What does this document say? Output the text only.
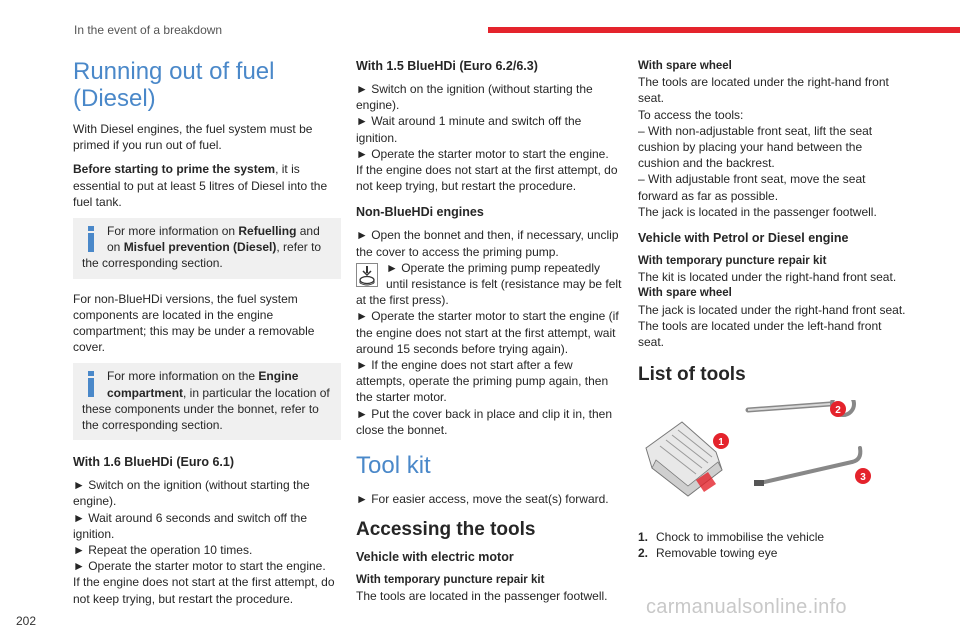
In the event of a breakdown
Running out of fuel (Diesel)

With Diesel engines, the fuel system must be primed if you run out of fuel.

Before starting to prime the system, it is essential to put at least 5 litres of Diesel into the fuel tank.

For more information on Refuelling and on Misfuel prevention (Diesel), refer to the corresponding section.

For non-BlueHDi versions, the fuel system components are located in the engine compartment; this may be under a removable cover.

For more information on the Engine compartment, in particular the location of these components under the bonnet, refer to the corresponding section.
With 1.6 BlueHDi (Euro 6.1)

► Switch on the ignition (without starting the engine).
► Wait around 6 seconds and switch off the ignition.
► Repeat the operation 10 times.
► Operate the starter motor to start the engine.
If the engine does not start at the first attempt, do not keep trying, but restart the procedure.

With 1.5 BlueHDi (Euro 6.2/6.3)

► Switch on the ignition (without starting the engine).
► Wait around 1 minute and switch off the ignition.
► Operate the starter motor to start the engine.
If the engine does not start at the first attempt, do not keep trying, but restart the procedure.

Non-BlueHDi engines

► Open the bonnet and then, if necessary, unclip the cover to access the priming pump.

► Operate the priming pump repeatedly until resistance is felt (resistance may be felt at the first press).
► Operate the starter motor to start the engine (if the engine does not start at the first attempt, wait around 15 seconds before trying again).
► If the engine does not start after a few attempts, operate the priming pump again, then the starter motor.
► Put the cover back in place and clip it in, then close the bonnet.

Tool kit

► For easier access, move the seat(s) forward.

Accessing the tools
Vehicle with electric motor

With temporary puncture repair kit
The tools are located in the passenger footwell.

With spare wheel
The tools are located under the right-hand front seat.
To access the tools:
– With non-adjustable front seat, lift the seat cushion by placing your hand between the cushion and the backrest.
– With adjustable front seat, move the seat forward as far as possible.
The jack is located in the passenger footwell.

Vehicle with Petrol or Diesel engine

With temporary puncture repair kit
The kit is located under the right-hand front seat.

With spare wheel
The jack is located under the right-hand front seat.
The tools are located under the left-hand front seat.

List of tools
1
2
3

1. Chock to immobilise the vehicle
2. Removable towing eye

202
carmanualsonline.info
